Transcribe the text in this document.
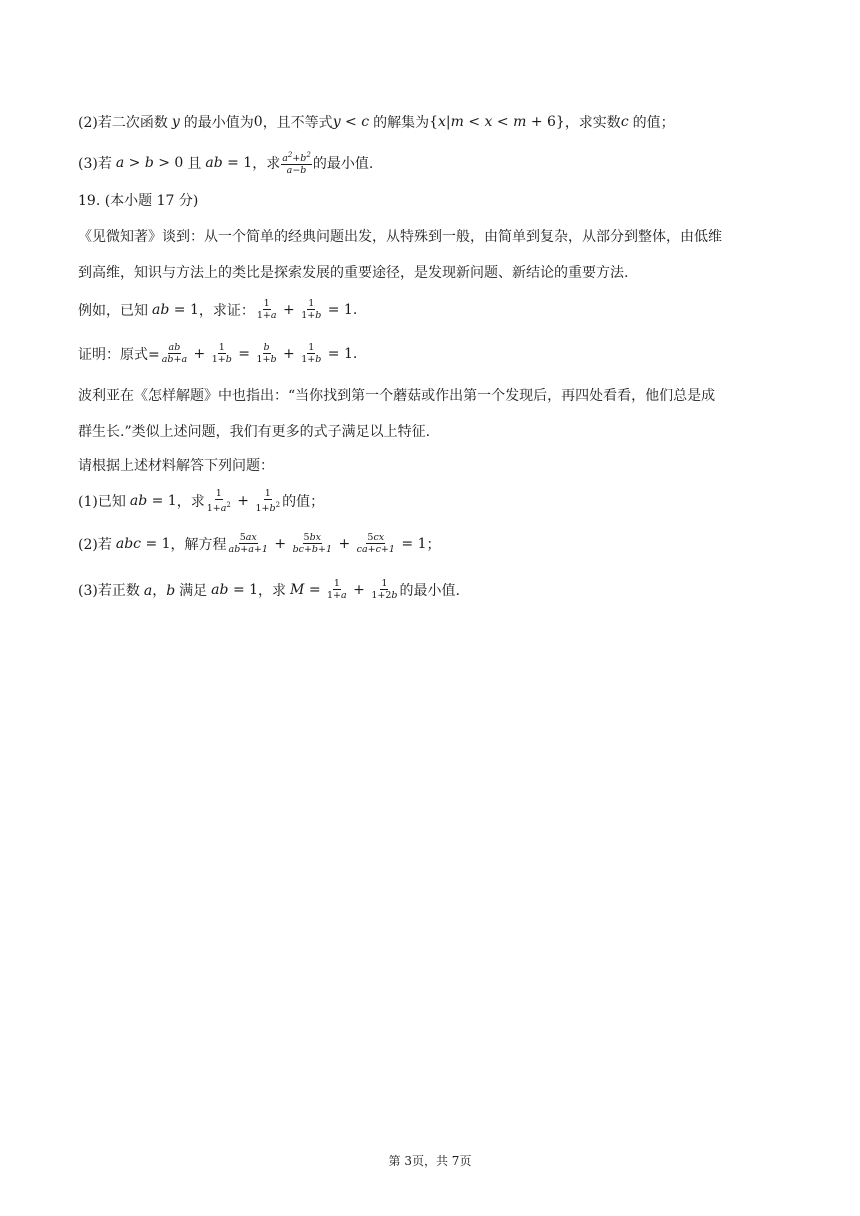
(2)若二次函数 y 的最小值为 0 ，且不等式 y < c 的解集为 {x|m < x < m + 6} ，求实数 c 的值；
(3)若 a > b > 0 且 ab = 1 ，求 $\frac{a^2+b^2}{a-b}$ 的最小值.
19. (本小题 17 分)
《见微知著》谈到：从一个简单的经典问题出发，从特殊到一般，由简单到复杂，从部分到整体，由低维
到高维，知识与方法上的类比是探索发展的重要途径，是发现新问题、新结论的重要方法.
例如，已知 ab = 1 ，求证： $\frac{1}{1+a} + \frac{1}{1+b} = 1$.
证明：原式= $\frac{ab}{ab+a} + \frac{1}{1+b} = \frac{b}{1+b} + \frac{1}{1+b} = 1$.
波利亚在《怎样解题》中也指出：“当你找到第一个蘑菇或作出第一个发现后，再四处看看，他们总是成
群生长.”类似上述问题，我们有更多的式子满足以上特征.
请根据上述材料解答下列问题：
(1)已知 ab = 1 ，求 $\frac{1}{1+a^2} + \frac{1}{1+b^2}$ 的值；
(2)若 abc = 1 ，解方程 $\frac{5ax}{ab+a+1} + \frac{5bx}{bc+b+1} + \frac{5cx}{ca+c+1} = 1$ ；
(3)若正数 a，b 满足 ab = 1 ，求 $M = \frac{1}{1+a} + \frac{1}{1+2b}$ 的最小值.
第 3页，共 7页
